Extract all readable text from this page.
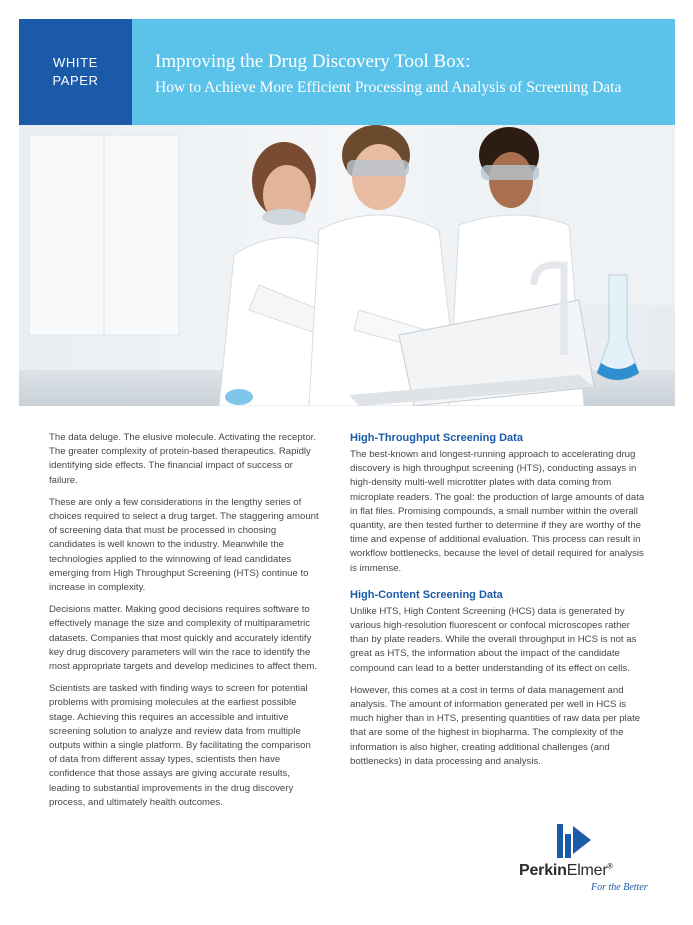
WHITE
PAPER
Improving the Drug Discovery Tool Box:
How to Achieve More Efficient Processing and Analysis of Screening Data

The data deluge. The elusive molecule. Activating the receptor. The greater complexity of protein-based therapeutics. Rapidly identifying side effects. The financial impact of success or failure.

These are only a few considerations in the lengthy series of choices required to select a drug target. The staggering amount of screening data that must be processed in choosing candidates is well known to the industry. Meanwhile the technologies applied to the winnowing of lead candidates emerging from High Throughput Screening (HTS) continue to increase in complexity.

Decisions matter. Making good decisions requires software to effectively manage the size and complexity of multiparametric datasets. Companies that most quickly and accurately identify key drug discovery parameters will win the race to identify the most appropriate targets and develop medicines to affect them.

Scientists are tasked with finding ways to screen for potential problems with promising molecules at the earliest possible stage. Achieving this requires an accessible and intuitive screening solution to analyze and review data from multiple outputs within a single platform. By facilitating the comparison of data from different assay types, scientists then have confidence that those assays are giving accurate results, leading to substantial improvements in the drug discovery process, and ultimately health outcomes.

High-Throughput Screening Data

The best-known and longest-running approach to accelerating drug discovery is high throughput screening (HTS), conducting assays in high-density multi-well microtiter plates with data coming from microplate readers. The goal: the production of large amounts of data in flat files. Promising compounds, a small number within the overall quantity, are then tested further to determine if they are worthy of the time and expense of additional evaluation. This process can result in workflow bottlenecks, because the level of detail required for analysis is immense.

High-Content Screening Data

Unlike HTS, High Content Screening (HCS) data is generated by various high-resolution fluorescent or confocal microscopes rather than by plate readers. While the overall throughput in HCS is not as great as HTS, the information about the impact of the candidate compound can lead to a better understanding of its effect on cells.

However, this comes at a cost in terms of data management and analysis. The amount of information generated per well in HCS is much higher than in HTS, presenting quantities of raw data per plate that are some of the highest in biopharma. The complexity of the information is also higher, creating additional challenges (and bottlenecks) in data processing and analysis.

PerkinElmer®
For the Better
